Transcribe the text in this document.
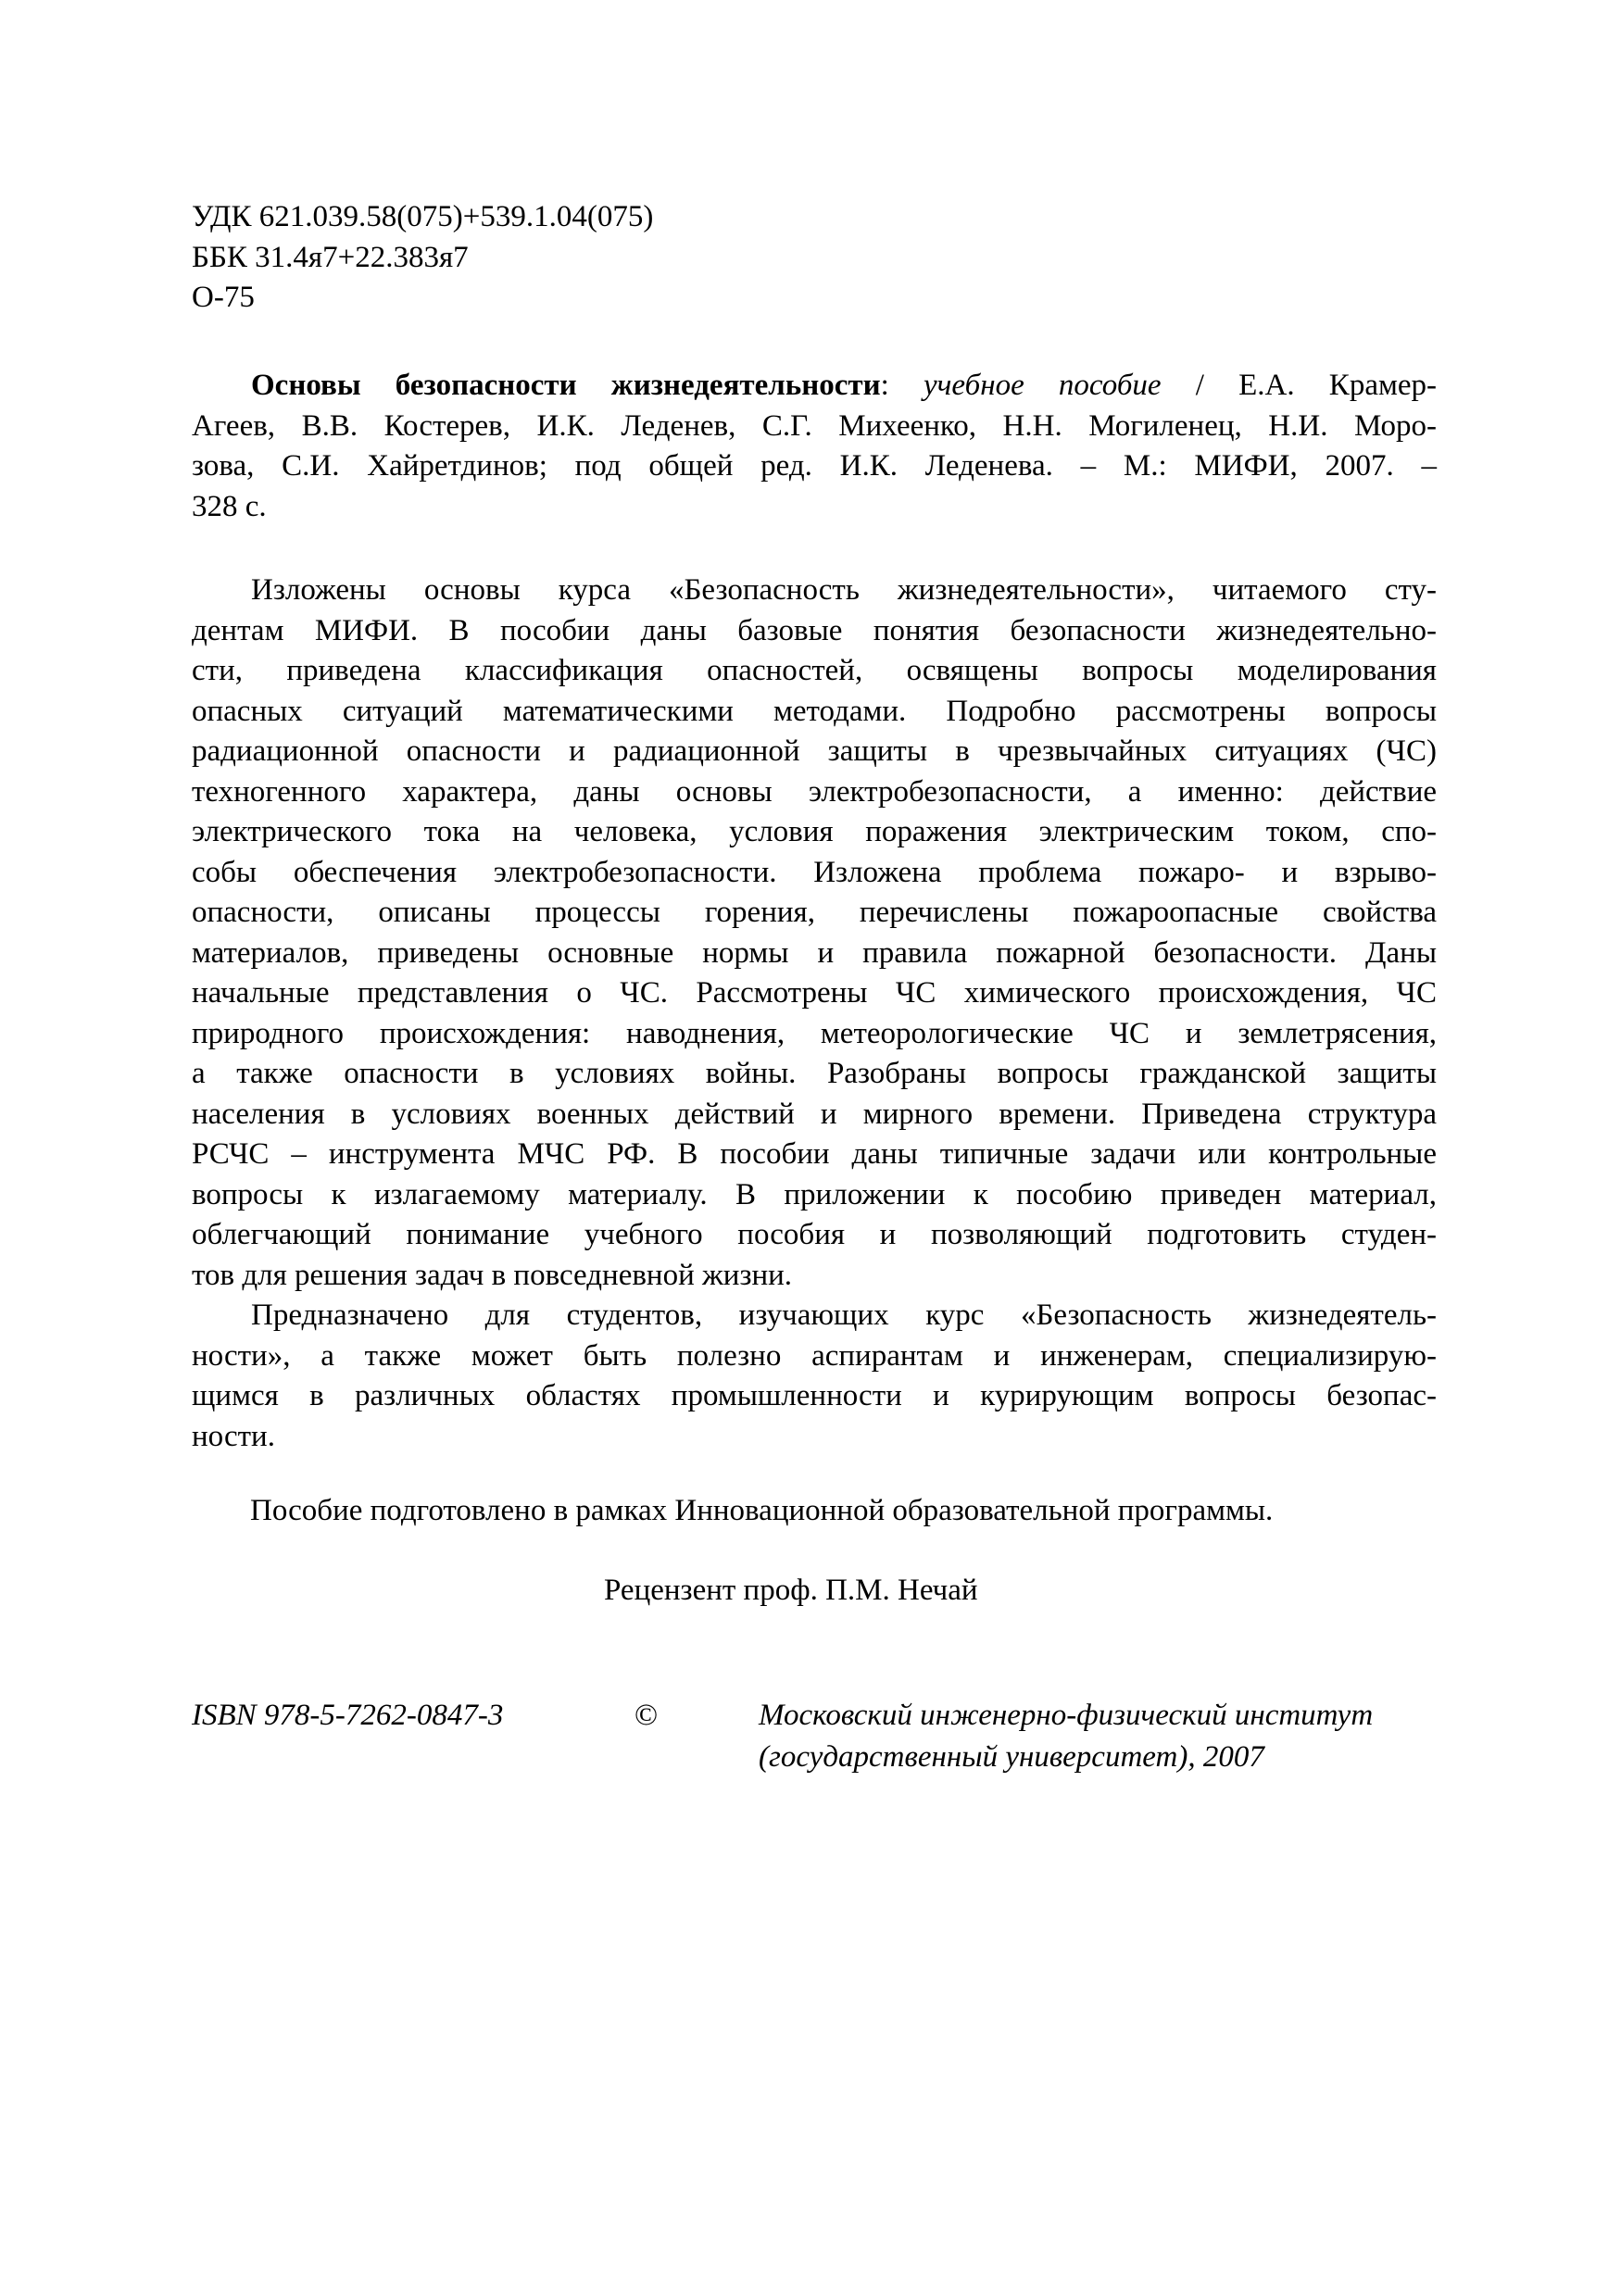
УДК 621.039.58(075)+539.1.04(075)
ББК 31.4я7+22.383я7
О-75
Основы безопасности жизнедеятельности: учебное пособие / Е.А. Крамер-
Агеев, В.В. Костерев, И.К. Леденев, С.Г. Михеенко, Н.Н. Могиленец, Н.И. Моро-
зова, С.И. Хайретдинов; под общей ред. И.К. Леденева. – М.: МИФИ, 2007. –
328 с.
Изложены основы курса «Безопасность жизнедеятельности», читаемого сту-
дентам МИФИ. В пособии даны базовые понятия безопасности жизнедеятельно-
сти, приведена классификация опасностей, освящены вопросы моделирования
опасных ситуаций математическими методами. Подробно рассмотрены вопросы
радиационной опасности и радиационной защиты в чрезвычайных ситуациях (ЧС)
техногенного характера, даны основы электробезопасности, а именно: действие
электрического тока на человека, условия поражения электрическим током, спо-
собы обеспечения электробезопасности. Изложена проблема пожаро- и взрыво-
опасности, описаны процессы горения, перечислены пожароопасные свойства
материалов, приведены основные нормы и правила пожарной безопасности. Даны
начальные представления о ЧС. Рассмотрены ЧС химического происхождения, ЧС
природного происхождения: наводнения, метеорологические ЧС и землетрясения,
а также опасности в условиях войны. Разобраны вопросы гражданской защиты
населения в условиях военных действий и мирного времени. Приведена структура
РСЧС – инструмента МЧС РФ. В пособии даны типичные задачи или контрольные
вопросы к излагаемому материалу. В приложении к пособию приведен материал,
облегчающий понимание учебного пособия и позволяющий подготовить студен-
тов для решения задач в повседневной жизни.
Предназначено для студентов, изучающих курс «Безопасность жизнедеятель-
ности», а также может быть полезно аспирантам и инженерам, специализирую-
щимся в различных областях промышленности и курирующим вопросы безопас-
ности.
Пособие подготовлено в рамках Инновационной образовательной программы.
Рецензент проф. П.М. Нечай
ISBN 978-5-7262-0847-3	©	Московский инженерно-физический институт
(государственный университет), 2007
